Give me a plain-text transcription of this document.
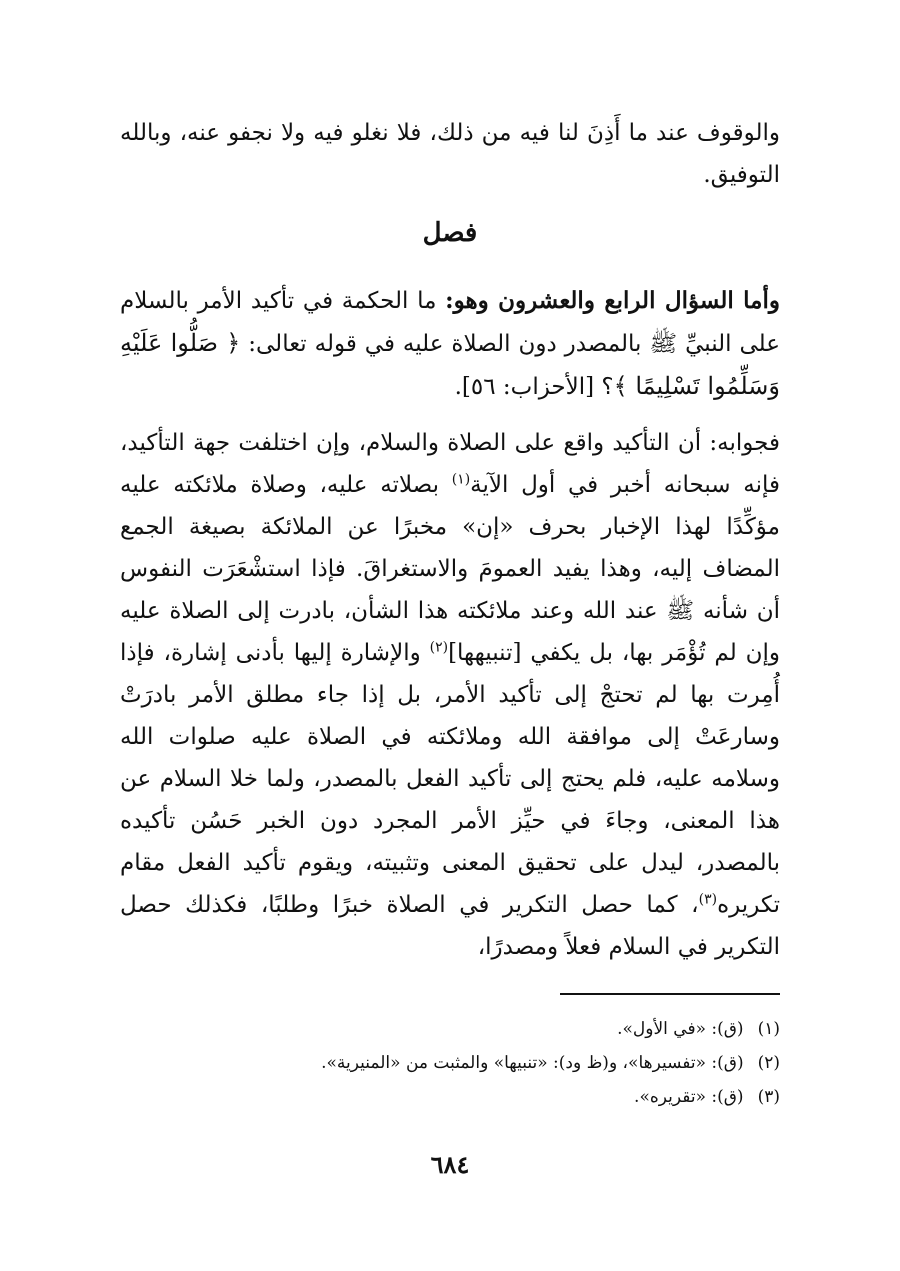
والوقوف عند ما أَذِنَ لنا فيه من ذلك، فلا نغلو فيه ولا نجفو عنه، وبالله التوفيق.

فصل

وأما السؤال الرابع والعشرون وهو: ما الحكمة في تأكيد الأمر بالسلام على النبيِّ ﷺ بالمصدر دون الصلاة عليه في قوله تعالى: ﴿ صَلُّوا عَلَيْهِ وَسَلِّمُوا تَسْلِيمًا ﴾؟ [الأحزاب: ٥٦].

فجوابه: أن التأكيد واقع على الصلاة والسلام، وإن اختلفت جهة التأكيد، فإنه سبحانه أخبر في أول الآية$^{(١)}$ بصلاته عليه، وصلاة ملائكته عليه مؤكِّدًا لهذا الإخبار بحرف «إن» مخبرًا عن الملائكة بصيغة الجمع المضاف إليه، وهذا يفيد العمومَ والاستغراقَ. فإذا استشْعَرَت النفوس أن شأنه ﷺ عند الله وعند ملائكته هذا الشأن، بادرت إلى الصلاة عليه وإن لم تُؤْمَر بها، بل يكفي [تنبيهها]$^{(٢)}$ والإشارة إليها بأدنى إشارة، فإذا أُمِرت بها لم تحتجْ إلى تأكيد الأمر، بل إذا جاء مطلق الأمر بادرَتْ وسارعَتْ إلى موافقة الله وملائكته في الصلاة عليه صلوات الله وسلامه عليه، فلم يحتج إلى تأكيد الفعل بالمصدر، ولما خلا السلام عن هذا المعنى، وجاءَ في حيِّز الأمر المجرد دون الخبر حَسُن تأكيده بالمصدر، ليدل على تحقيق المعنى وتثبيته، ويقوم تأكيد الفعل مقام تكريره$^{(٣)}$، كما حصل التكرير في الصلاة خبرًا وطلبًا، فكذلك حصل التكرير في السلام فعلاً ومصدرًا،

(١)(ق): «في الأول».
(٢)(ق): «تفسيرها»، و(ظ ود): «تنبيها» والمثبت من «المنيرية».
(٣)(ق): «تقريره».
٦٨٤
